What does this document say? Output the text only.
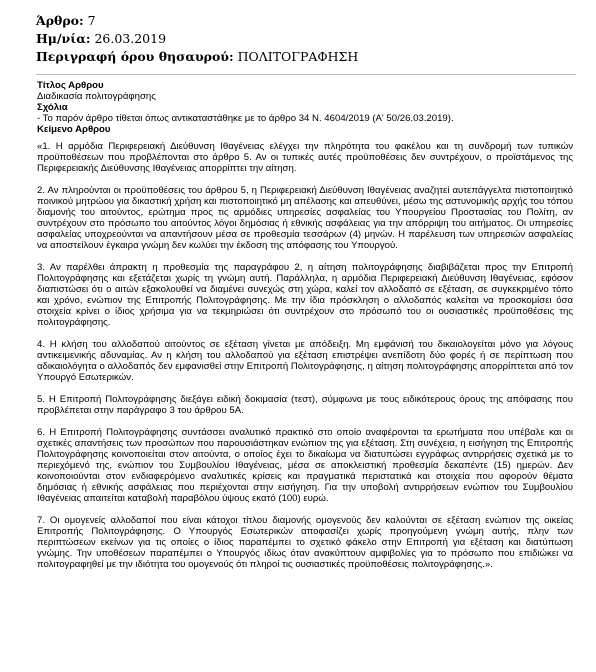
Άρθρο: 7
Ημ/νία: 26.03.2019
Περιγραφή όρου θησαυρού: ΠΟΛΙΤΟΓΡΑΦΗΣΗ

Τίτλος Αρθρου

Διαδικασία πολιτογράφησης

Σχόλια

- Το παρόν άρθρο τίθεται όπως αντικαταστάθηκε με το άρθρο 34 Ν. 4604/2019 (Α' 50/26.03.2019).

Κείμενο Αρθρου

«1. Η αρμόδια Περιφερειακή Διεύθυνση Ιθαγένειας ελέγχει την πληρότητα του φακέλου και τη συνδρομή των τυπικών προϋποθέσεων που προβλέπονται στο άρθρο 5. Αν οι τυπικές αυτές προϋποθέσεις δεν συντρέχουν, ο προϊστάμενος της Περιφερειακής Διεύθυνσης Ιθαγένειας απορρίπτει την αίτηση.

2. Αν πληρούνται οι προϋποθέσεις του άρθρου 5, η Περιφερειακή Διεύθυνση Ιθαγένειας αναζητεί αυτεπάγγελτα πιστοποιητικό ποινικού μητρώου για δικαστική χρήση και πιστοποιητικό μη απέλασης και απευθύνει, μέσω της αστυνομικής αρχής του τόπου διαμονής του αιτούντος, ερώτημα προς τις αρμόδιες υπηρεσίες ασφαλείας του Υπουργείου Προστασίας του Πολίτη, αν συντρέχουν στο πρόσωπο του αιτούντος λόγοι δημόσιας ή εθνικής ασφάλειας για την απόρριψη του αιτήματος. Οι υπηρεσίες ασφαλείας υποχρεούνται να απαντήσουν μέσα σε προθεσμία τεσσάρων (4) μηνών. Η παρέλευση των υπηρεσιών ασφαλείας να αποστείλουν έγκαιρα γνώμη δεν κωλύει την έκδοση της απόφασης του Υπουργού.

3. Αν παρέλθει άπρακτη η προθεσμία της παραγράφου 2, η αίτηση πολιτογράφησης διαβιβάζεται προς την Επιτροπή Πολιτογράφησης και εξετάζεται χωρίς τη γνώμη αυτή. Παράλληλα, η αρμόδια Περιφερειακή Διεύθυνση Ιθαγένειας, εφόσον διαπιστώσει ότι ο αιτών εξακολουθεί να διαμένει συνεχώς στη χώρα, καλεί τον αλλοδαπό σε εξέταση, σε συγκεκριμένο τόπο και χρόνο, ενώπιον της Επιτροπής Πολιτογράφησης. Με την ίδια πρόσκληση ο αλλοδαπός καλείται να προσκομίσει όσα στοιχεία κρίνει ο ίδιος χρήσιμα για να τεκμηριώσει ότι συντρέχουν στο πρόσωπό του οι ουσιαστικές προϋποθέσεις της πολιτογράφησης.

4. Η κλήση του αλλοδαπού αιτούντος σε εξέταση γίνεται με απόδειξη. Μη εμφάνισή του δικαιολογείται μόνο για λόγους αντικειμενικής αδυναμίας. Αν η κλήση του αλλοδαπού για εξέταση επιστρέψει ανεπίδοτη δύο φορές ή σε περίπτωση που αδικαιολόγητα ο αλλοδαπός δεν εμφανισθεί στην Επιτροπή Πολιτογράφησης, η αίτηση πολιτογράφησης απορρίπτεται από τον Υπουργό Εσωτερικών.

5. Η Επιτροπή Πολιτογράφησης διεξάγει ειδική δοκιμασία (τεστ), σύμφωνα με τους ειδικότερους όρους της απόφασης που προβλέπεται στην παράγραφο 3 του άρθρου 5Α.

6. Η Επιτροπή Πολιτογράφησης συντάσσει αναλυτικό πρακτικό στο οποίο αναφέρονται τα ερωτήματα που υπέβαλε και οι σχετικές απαντήσεις των προσώπων που παρουσιάστηκαν ενώπιον της για εξέταση. Στη συνέχεια, η εισήγηση της Επιτροπής Πολιτογράφησης κοινοποιείται στον αιτούντα, ο οποίος έχει το δικαίωμα να διατυπώσει εγγράφως αντιρρήσεις σχετικά με το περιεχόμενό της, ενώπιον του Συμβουλίου Ιθαγένειας, μέσα σε αποκλειστική προθεσμία δεκαπέντε (15) ημερών. Δεν κοινοποιούνται στον ενδιαφερόμενο αναλυτικές κρίσεις και πραγματικά περιστατικά και στοιχεία που αφορούν θέματα δημόσιας ή εθνικής ασφάλειας που περιέχονται στην εισήγηση. Για την υποβολή αντιρρήσεων ενώπιον του Συμβουλίου Ιθαγένειας απαιτείται καταβολή παραβόλου ύψους εκατό (100) ευρώ.

7. Οι ομογενείς αλλοδαποί που είναι κάτοχοι τίτλου διαμονής ομογενούς δεν καλούνται σε εξέταση ενώπιον της οικείας Επιτροπής Πολιτογράφησης. Ο Υπουργός Εσωτερικών αποφασίζει χωρίς προηγούμενη γνώμη αυτής, πλην των περιπτώσεων εκείνων για τις οποίες ο ίδιος παραπέμπει το σχετικό φάκελο στην Επιτροπή για εξέταση και διατύπωση γνώμης. Την υποθέσεων παραπέμπει ο Υπουργός ιδίως όταν ανακύπτουν αμφιβολίες για το πρόσωπο που επιδιώκει να πολιτογραφηθεί με την ιδιότητα του ομογενούς ότι πληροί τις ουσιαστικές προϋποθέσεις πολιτογράφησης.».
